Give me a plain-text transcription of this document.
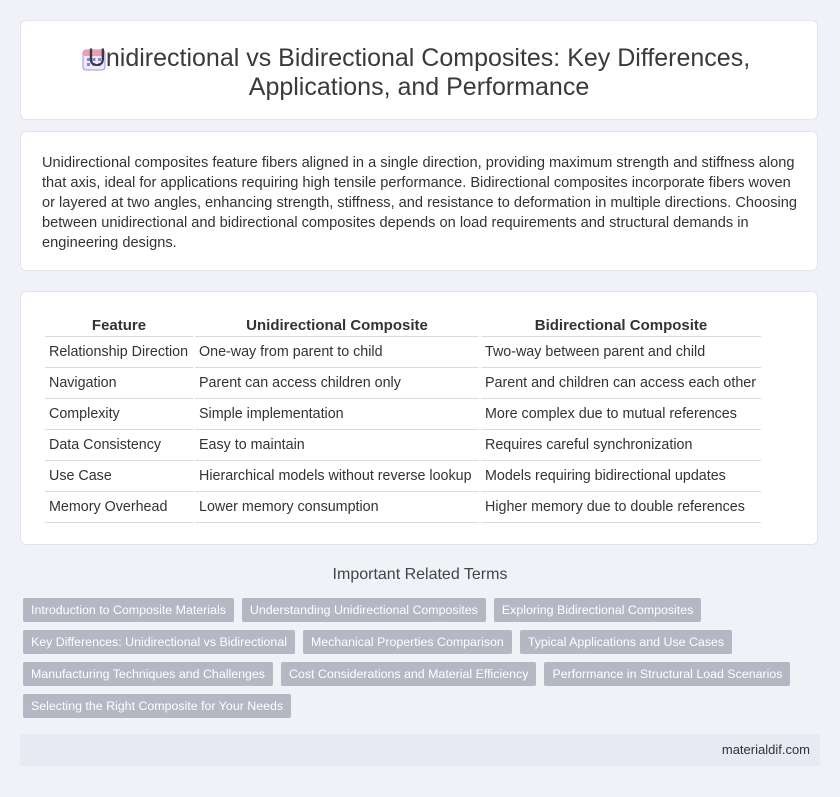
Unidirectional vs Bidirectional Composites: Key Differences,
Applications, and Performance

Unidirectional composites feature fibers aligned in a single direction, providing maximum strength and stiffness along that axis, ideal for applications requiring high tensile performance. Bidirectional composites incorporate fibers woven or layered at two angles, enhancing strength, stiffness, and resistance to deformation in multiple directions. Choosing between unidirectional and bidirectional composites depends on load requirements and structural demands in engineering designs.

Feature	Unidirectional Composite	Bidirectional Composite
Relationship Direction	One-way from parent to child	Two-way between parent and child
Navigation	Parent can access children only	Parent and children can access each other
Complexity	Simple implementation	More complex due to mutual references
Data Consistency	Easy to maintain	Requires careful synchronization
Use Case	Hierarchical models without reverse lookup	Models requiring bidirectional updates
Memory Overhead	Lower memory consumption	Higher memory due to double references
Important Related Terms
Introduction to Composite Materials	Understanding Unidirectional Composites	Exploring Bidirectional Composites
Key Differences: Unidirectional vs Bidirectional	Mechanical Properties Comparison	Typical Applications and Use Cases
Manufacturing Techniques and Challenges	Cost Considerations and Material Efficiency	Performance in Structural Load Scenarios
Selecting the Right Composite for Your Needs
materialdif.com
